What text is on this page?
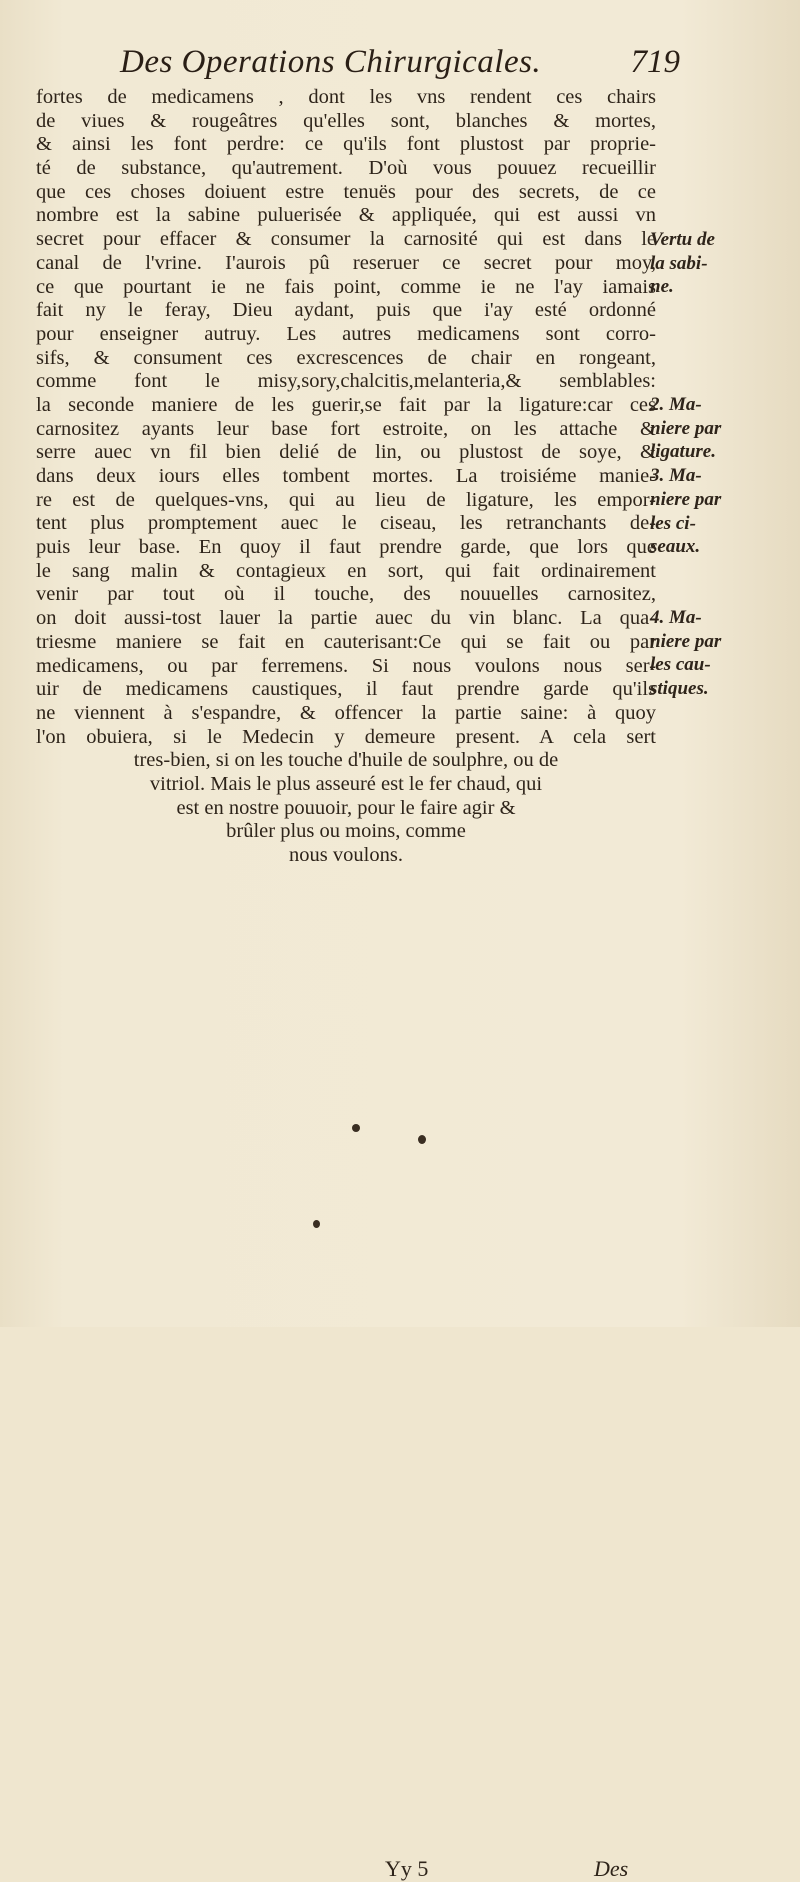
Des Operations Chirurgicales.	719
fortes de medicamens , dont les vns rendent ces chairs
de viues & rougeâtres qu'elles sont, blanches & mortes,
& ainsi les font perdre: ce qu'ils font plustost par proprie-
té de substance, qu'autrement. D'où vous pouuez recueillir
que ces choses doiuent estre tenuës pour des secrets, de ce
nombre est la sabine puluerisée & appliquée, qui est aussi vn
secret pour effacer & consumer la carnosité qui est dans le
canal de l'vrine. I'aurois pû reseruer ce secret pour moy,
ce que pourtant ie ne fais point, comme ie ne l'ay iamais
fait ny le feray, Dieu aydant, puis que i'ay esté ordonné
pour enseigner autruy. Les autres medicamens sont corro-
sifs, & consument ces excrescences de chair en rongeant,
comme font le misy,sory,chalcitis,melanteria,& semblables:
la seconde maniere de les guerir,se fait par la ligature:car ces
carnositez ayants leur base fort estroite, on les attache &
serre auec vn fil bien delié de lin, ou plustost de soye, &
dans deux iours elles tombent mortes. La troisiéme manie-
re est de quelques-vns, qui au lieu de ligature, les empor-
tent plus promptement auec le ciseau, les retranchants de-
puis leur base. En quoy il faut prendre garde, que lors que
le sang malin & contagieux en sort, qui fait ordinairement
venir par tout où il touche, des nouuelles carnositez,
on doit aussi-tost lauer la partie auec du vin blanc. La qua-
triesme maniere se fait en cauterisant:Ce qui se fait ou par
medicamens, ou par ferremens. Si nous voulons nous ser-
uir de medicamens caustiques, il faut prendre garde qu'ils
ne viennent à s'espandre, & offencer la partie saine: à quoy
l'on obuiera, si le Medecin y demeure present. A cela sert
tres-bien, si on les touche d'huile de soulphre, ou de
vitriol. Mais le plus asseuré est le fer chaud, qui
est en nostre pouuoir, pour le faire agir &
brûler plus ou moins, comme
nous voulons.
Vertu de
la sabi-
ne.
2. Ma-
niere par
ligature.
3. Ma-
niere par
les ci-
seaux.
4. Ma-
niere par
les cau-
stiques.
Yy 5	Des
